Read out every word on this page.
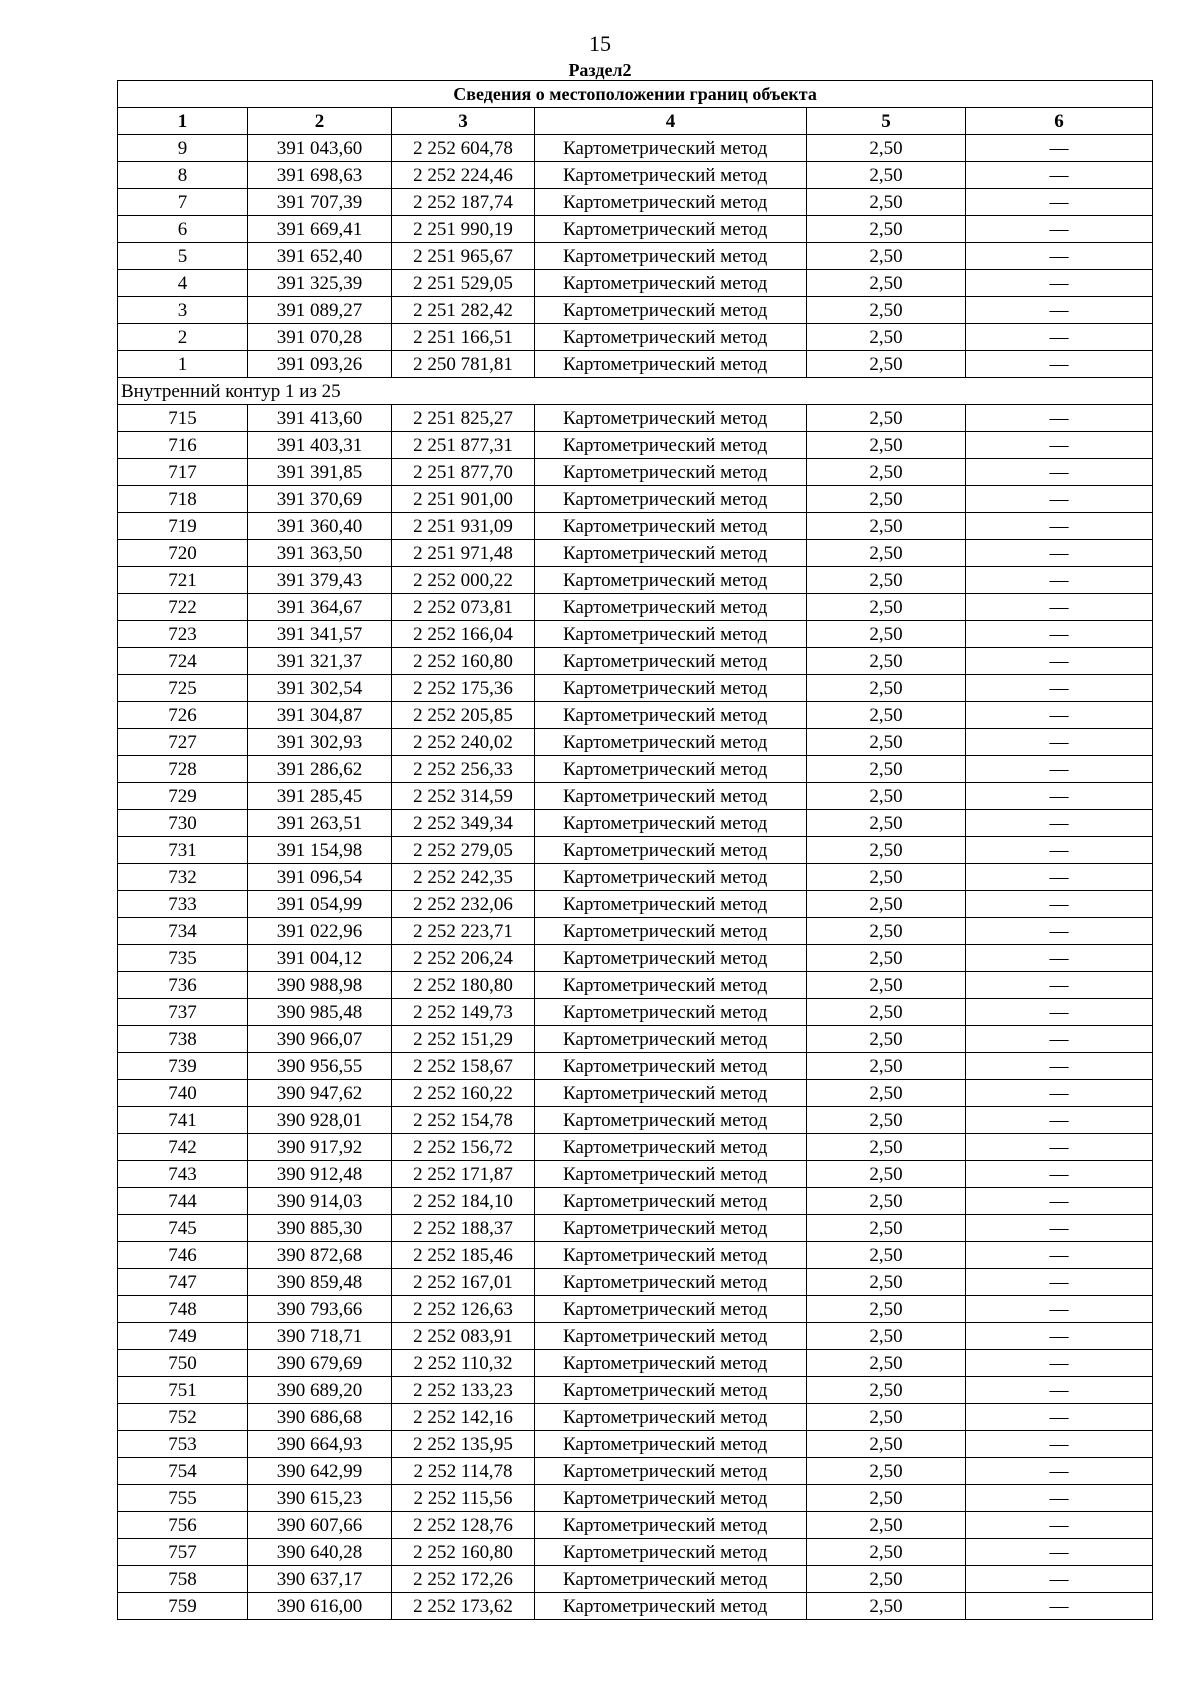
15
Раздел2
Сведения о местоположении границ объекта					
1	2	3	4	5	6
9	391 043,60	2 252 604,78	Картометрический метод	2,50	—
8	391 698,63	2 252 224,46	Картометрический метод	2,50	—
7	391 707,39	2 252 187,74	Картометрический метод	2,50	—
6	391 669,41	2 251 990,19	Картометрический метод	2,50	—
5	391 652,40	2 251 965,67	Картометрический метод	2,50	—
4	391 325,39	2 251 529,05	Картометрический метод	2,50	—
3	391 089,27	2 251 282,42	Картометрический метод	2,50	—
2	391 070,28	2 251 166,51	Картометрический метод	2,50	—
1	391 093,26	2 250 781,81	Картометрический метод	2,50	—
Внутренний контур 1 из 25					
715	391 413,60	2 251 825,27	Картометрический метод	2,50	—
716	391 403,31	2 251 877,31	Картометрический метод	2,50	—
717	391 391,85	2 251 877,70	Картометрический метод	2,50	—
718	391 370,69	2 251 901,00	Картометрический метод	2,50	—
719	391 360,40	2 251 931,09	Картометрический метод	2,50	—
720	391 363,50	2 251 971,48	Картометрический метод	2,50	—
721	391 379,43	2 252 000,22	Картометрический метод	2,50	—
722	391 364,67	2 252 073,81	Картометрический метод	2,50	—
723	391 341,57	2 252 166,04	Картометрический метод	2,50	—
724	391 321,37	2 252 160,80	Картометрический метод	2,50	—
725	391 302,54	2 252 175,36	Картометрический метод	2,50	—
726	391 304,87	2 252 205,85	Картометрический метод	2,50	—
727	391 302,93	2 252 240,02	Картометрический метод	2,50	—
728	391 286,62	2 252 256,33	Картометрический метод	2,50	—
729	391 285,45	2 252 314,59	Картометрический метод	2,50	—
730	391 263,51	2 252 349,34	Картометрический метод	2,50	—
731	391 154,98	2 252 279,05	Картометрический метод	2,50	—
732	391 096,54	2 252 242,35	Картометрический метод	2,50	—
733	391 054,99	2 252 232,06	Картометрический метод	2,50	—
734	391 022,96	2 252 223,71	Картометрический метод	2,50	—
735	391 004,12	2 252 206,24	Картометрический метод	2,50	—
736	390 988,98	2 252 180,80	Картометрический метод	2,50	—
737	390 985,48	2 252 149,73	Картометрический метод	2,50	—
738	390 966,07	2 252 151,29	Картометрический метод	2,50	—
739	390 956,55	2 252 158,67	Картометрический метод	2,50	—
740	390 947,62	2 252 160,22	Картометрический метод	2,50	—
741	390 928,01	2 252 154,78	Картометрический метод	2,50	—
742	390 917,92	2 252 156,72	Картометрический метод	2,50	—
743	390 912,48	2 252 171,87	Картометрический метод	2,50	—
744	390 914,03	2 252 184,10	Картометрический метод	2,50	—
745	390 885,30	2 252 188,37	Картометрический метод	2,50	—
746	390 872,68	2 252 185,46	Картометрический метод	2,50	—
747	390 859,48	2 252 167,01	Картометрический метод	2,50	—
748	390 793,66	2 252 126,63	Картометрический метод	2,50	—
749	390 718,71	2 252 083,91	Картометрический метод	2,50	—
750	390 679,69	2 252 110,32	Картометрический метод	2,50	—
751	390 689,20	2 252 133,23	Картометрический метод	2,50	—
752	390 686,68	2 252 142,16	Картометрический метод	2,50	—
753	390 664,93	2 252 135,95	Картометрический метод	2,50	—
754	390 642,99	2 252 114,78	Картометрический метод	2,50	—
755	390 615,23	2 252 115,56	Картометрический метод	2,50	—
756	390 607,66	2 252 128,76	Картометрический метод	2,50	—
757	390 640,28	2 252 160,80	Картометрический метод	2,50	—
758	390 637,17	2 252 172,26	Картометрический метод	2,50	—
759	390 616,00	2 252 173,62	Картометрический метод	2,50	—
